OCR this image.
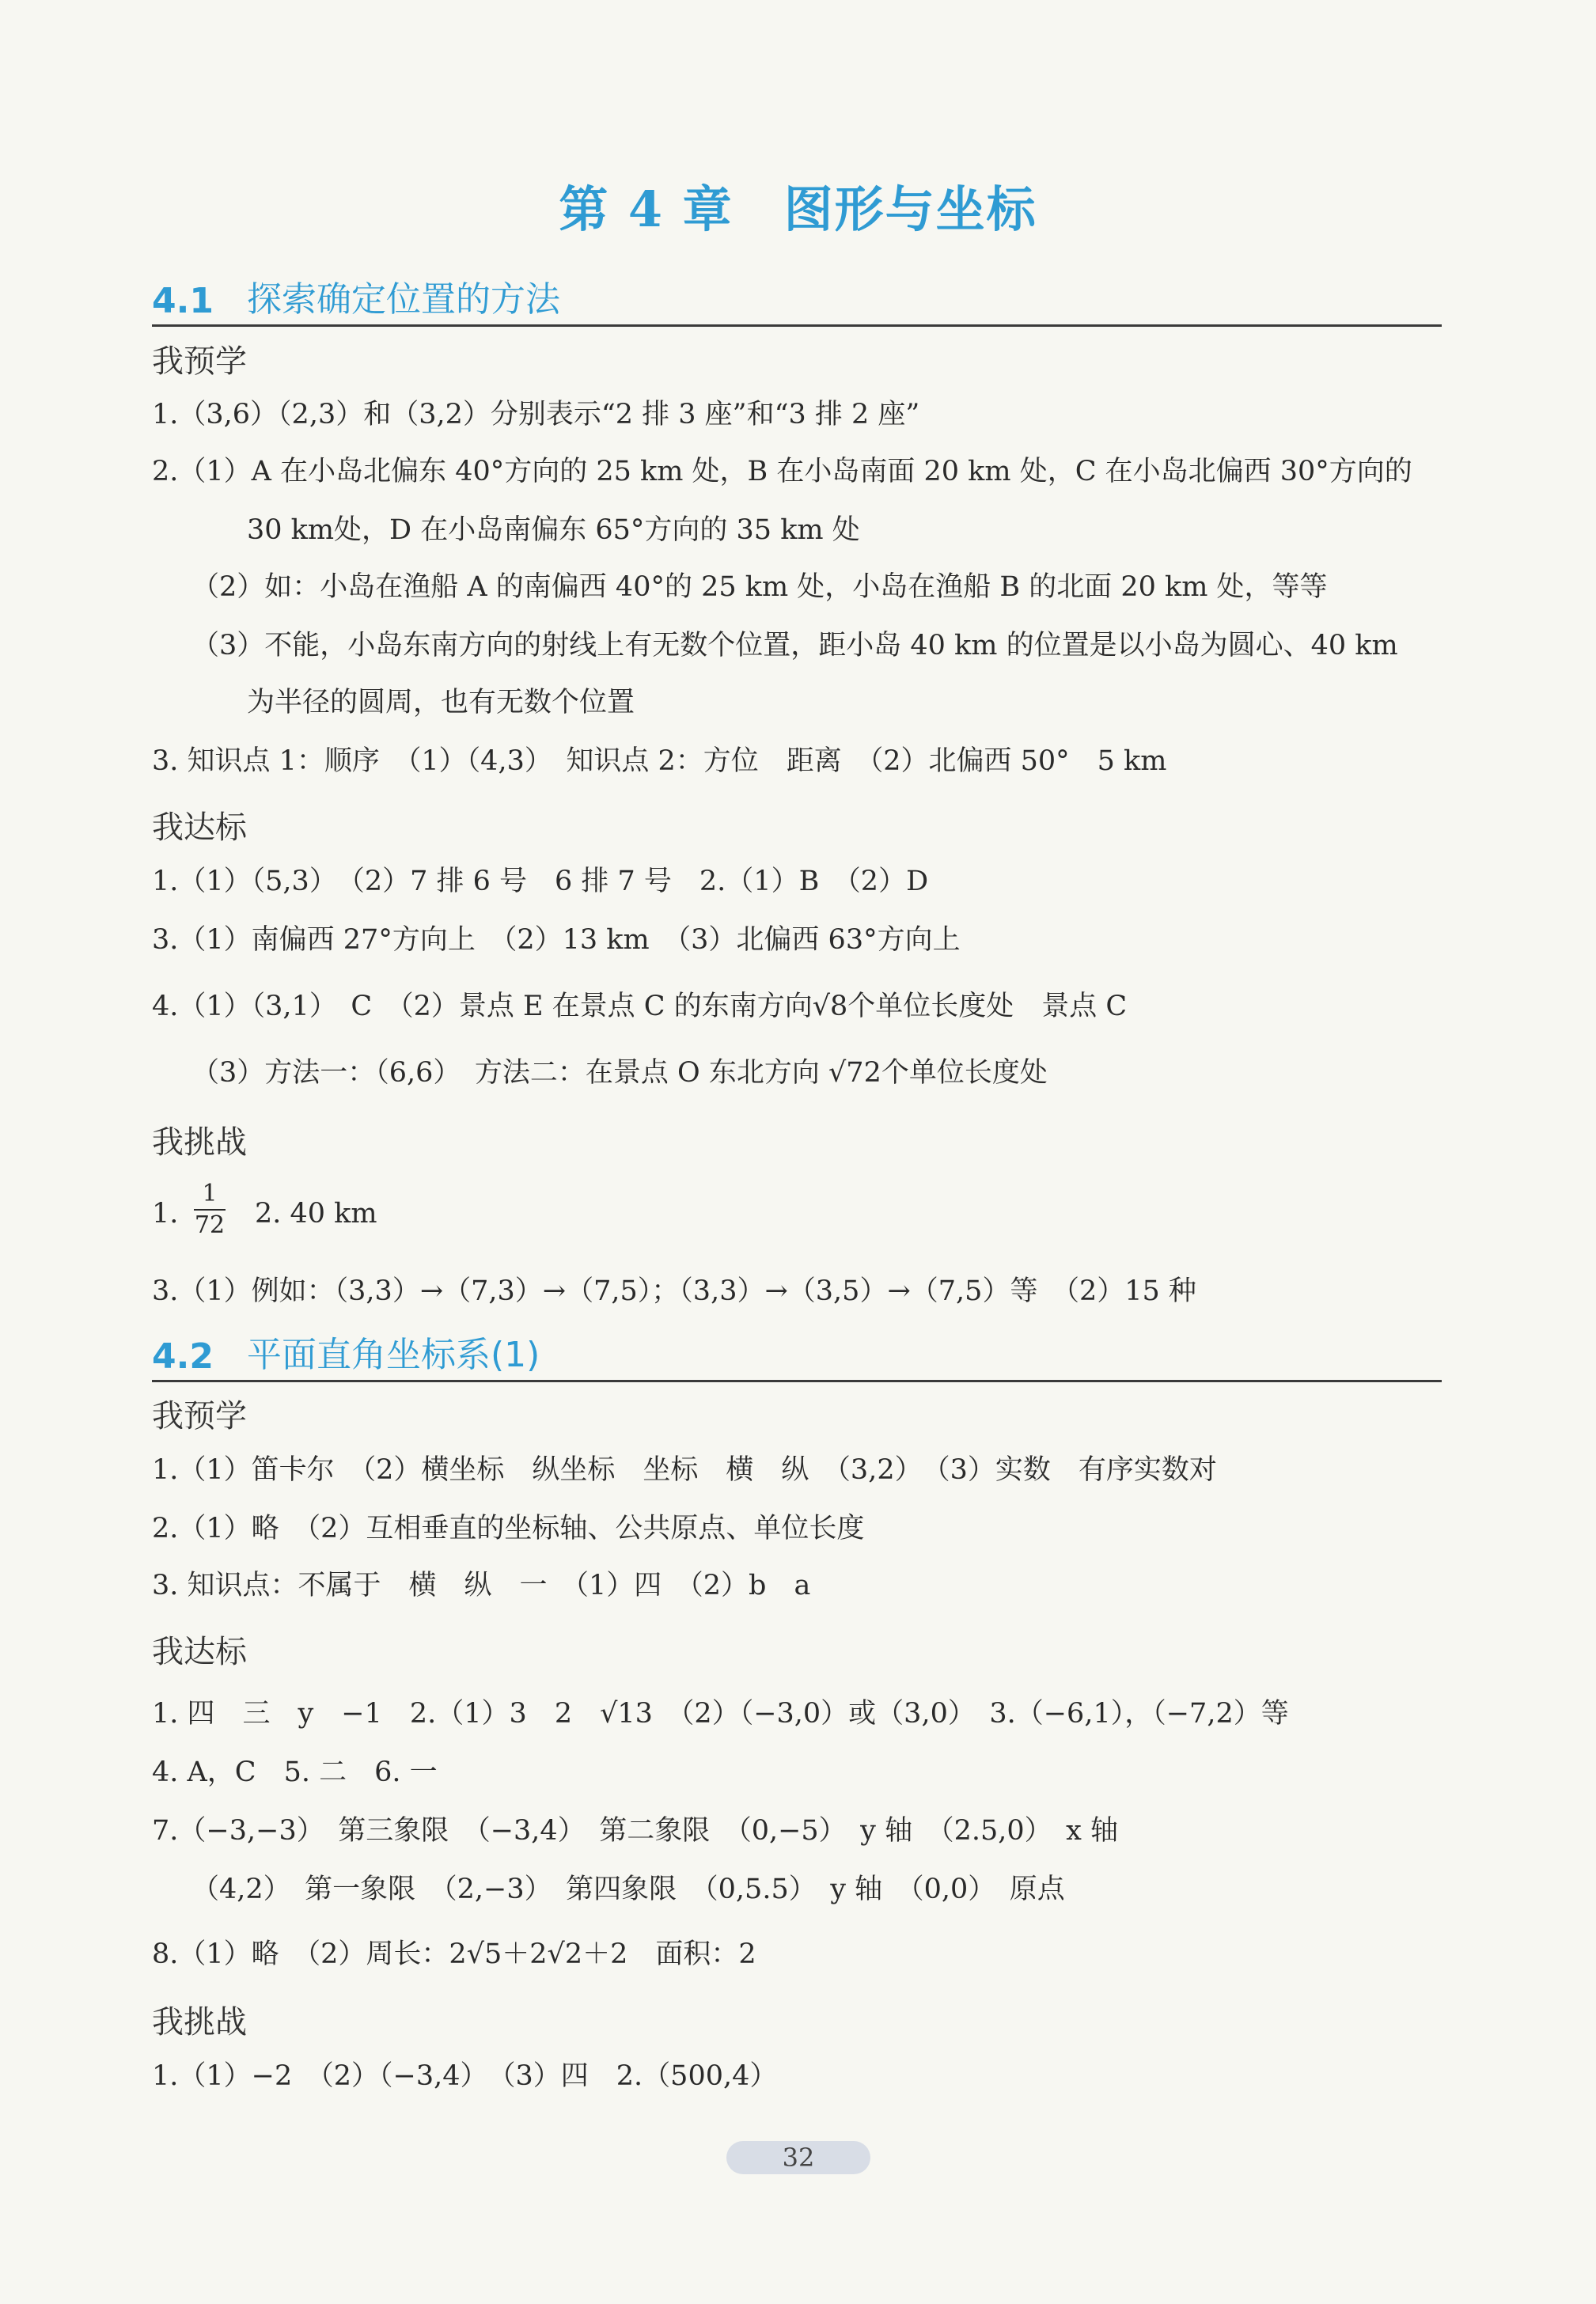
第 4 章　图形与坐标
4.1 探索确定位置的方法
我预学
1.（3,6）（2,3）和（3,2）分别表示“2 排 3 座”和“3 排 2 座”
2.（1）A 在小岛北偏东 40°方向的 25 km 处，B 在小岛南面 20 km 处，C 在小岛北偏西 30°方向的
30 km处，D 在小岛南偏东 65°方向的 35 km 处
（2）如：小岛在渔船 A 的南偏西 40°的 25 km 处，小岛在渔船 B 的北面 20 km 处，等等
（3）不能，小岛东南方向的射线上有无数个位置，距小岛 40 km 的位置是以小岛为圆心、40 km
为半径的圆周，也有无数个位置
3. 知识点 1：顺序　（1）（4,3）　知识点 2：方位　距离　（2）北偏西 50°　5 km
我达标
1.（1）（5,3）　（2）7 排 6 号　6 排 7 号　2.（1）B　（2）D
3.（1）南偏西 27°方向上　（2）13 km　（3）北偏西 63°方向上
4.（1）（3,1）　C　（2）景点 E 在景点 C 的东南方向√8个单位长度处　景点 C
（3）方法一：（6,6）　方法二：在景点 O 东北方向 √72个单位长度处
我挑战
1. $\frac{1}{72} 2$. 40 km
3.（1）例如：（3,3）→（7,3）→（7,5）；（3,3）→（3,5）→（7,5）等　（2）15 种
4.2 平面直角坐标系(1)
我预学
1.（1）笛卡尔　（2）横坐标　纵坐标　坐标　横　纵　（3,2）　（3）实数　有序实数对
2.（1）略　（2）互相垂直的坐标轴、公共原点、单位长度
3. 知识点：不属于　横　纵　一　（1）四　（2）b　a
我达标
1. 四　三　y　−1　2.（1）3　2　√13　（2）（−3,0）或（3,0）　3.（−6,1），（−7,2）等
4. A，C　5. 二　6. 一
7.（−3,−3）　第三象限　（−3,4）　第二象限　（0,−5）　y 轴　（2.5,0）　x 轴
（4,2）　第一象限　（2,−3）　第四象限　（0,5.5）　y 轴　（0,0）　原点
8.（1）略　（2）周长：2√5＋2√2＋2　面积：2
我挑战
1.（1）−2　（2）（−3,4）　（3）四　2.（500,4）
32
